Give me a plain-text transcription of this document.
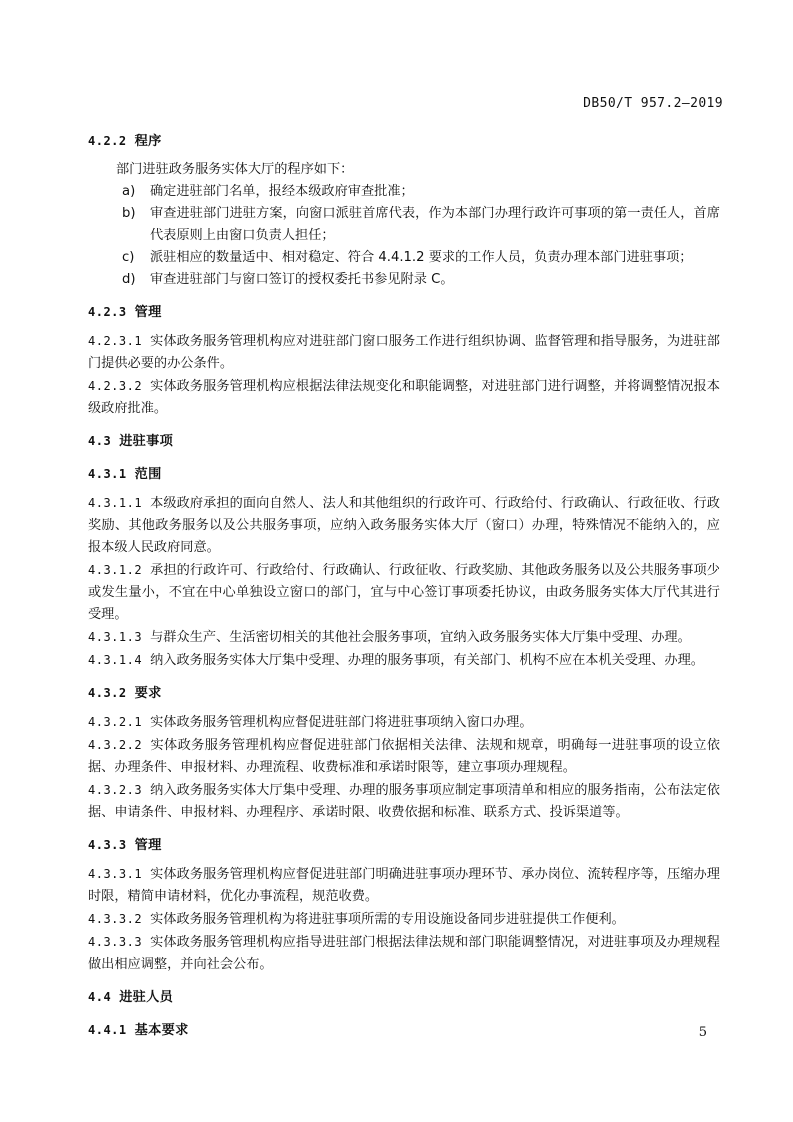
DB50/T 957.2—2019

4.2.2 程序

部门进驻政务服务实体大厅的程序如下：

a)	确定进驻部门名单，报经本级政府审查批准；
b)	审查进驻部门进驻方案，向窗口派驻首席代表，作为本部门办理行政许可事项的第一责任人，首席代表原则上由窗口负责人担任；
c)	派驻相应的数量适中、相对稳定、符合 4.4.1.2 要求的工作人员，负责办理本部门进驻事项；
d)	审查进驻部门与窗口签订的授权委托书参见附录 C。

4.2.3 管理

4.2.3.1 实体政务服务管理机构应对进驻部门窗口服务工作进行组织协调、监督管理和指导服务，为进驻部门提供必要的办公条件。

4.2.3.2 实体政务服务管理机构应根据法律法规变化和职能调整，对进驻部门进行调整，并将调整情况报本级政府批准。

4.3 进驻事项

4.3.1 范围

4.3.1.1 本级政府承担的面向自然人、法人和其他组织的行政许可、行政给付、行政确认、行政征收、行政奖励、其他政务服务以及公共服务事项，应纳入政务服务实体大厅（窗口）办理，特殊情况不能纳入的，应报本级人民政府同意。

4.3.1.2 承担的行政许可、行政给付、行政确认、行政征收、行政奖励、其他政务服务以及公共服务事项少或发生量小，不宜在中心单独设立窗口的部门，宜与中心签订事项委托协议，由政务服务实体大厅代其进行受理。

4.3.1.3 与群众生产、生活密切相关的其他社会服务事项，宜纳入政务服务实体大厅集中受理、办理。

4.3.1.4 纳入政务服务实体大厅集中受理、办理的服务事项，有关部门、机构不应在本机关受理、办理。

4.3.2 要求

4.3.2.1 实体政务服务管理机构应督促进驻部门将进驻事项纳入窗口办理。

4.3.2.2 实体政务服务管理机构应督促进驻部门依据相关法律、法规和规章，明确每一进驻事项的设立依据、办理条件、申报材料、办理流程、收费标准和承诺时限等，建立事项办理规程。

4.3.2.3 纳入政务服务实体大厅集中受理、办理的服务事项应制定事项清单和相应的服务指南，公布法定依据、申请条件、申报材料、办理程序、承诺时限、收费依据和标准、联系方式、投诉渠道等。

4.3.3 管理

4.3.3.1 实体政务服务管理机构应督促进驻部门明确进驻事项办理环节、承办岗位、流转程序等，压缩办理时限，精简申请材料，优化办事流程，规范收费。

4.3.3.2 实体政务服务管理机构为将进驻事项所需的专用设施设备同步进驻提供工作便利。

4.3.3.3 实体政务服务管理机构应指导进驻部门根据法律法规和部门职能调整情况，对进驻事项及办理规程做出相应调整，并向社会公布。

4.4 进驻人员

4.4.1 基本要求	5
